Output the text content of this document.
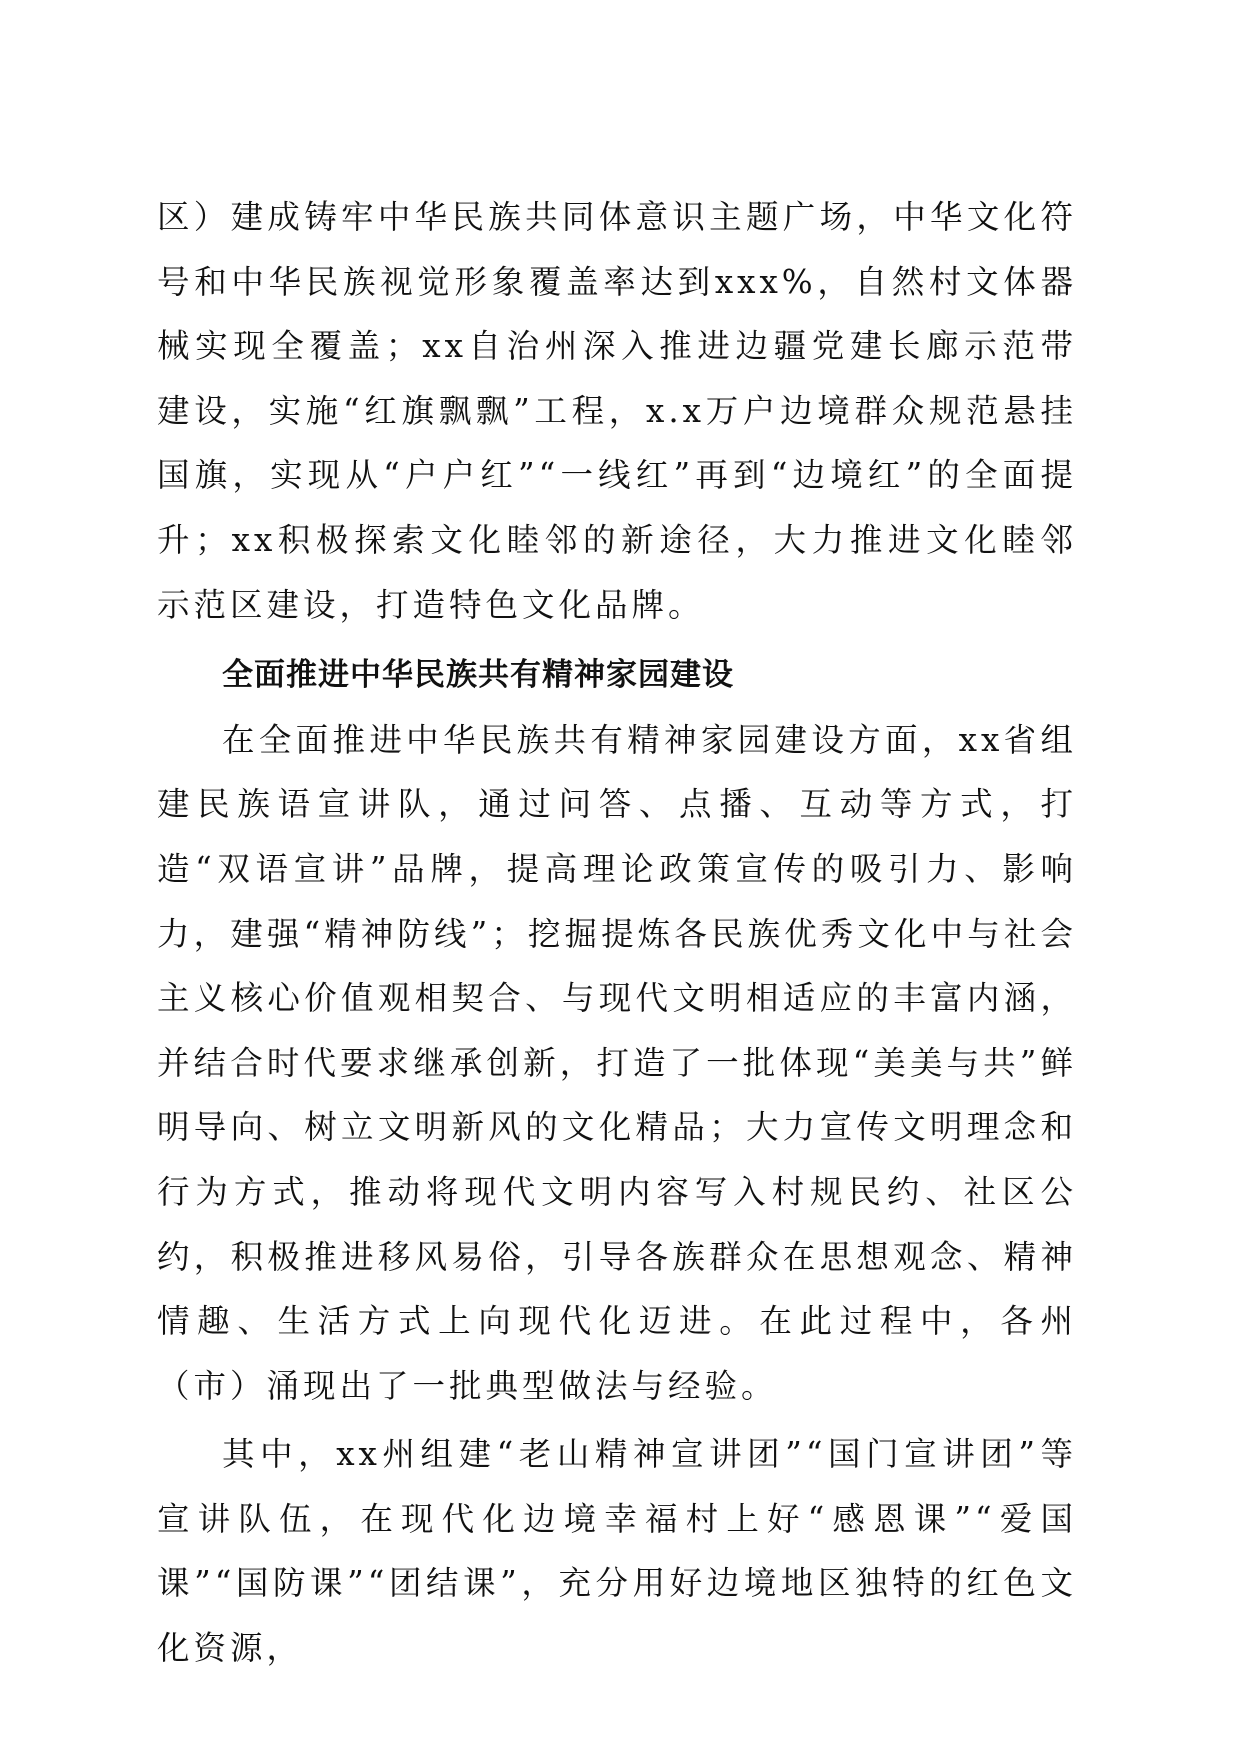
区）建成铸牢中华民族共同体意识主题广场，中华文化符号和中华民族视觉形象覆盖率达到xxx%，自然村文体器械实现全覆盖；xx自治州深入推进边疆党建长廊示范带建设，实施“红旗飘飘”工程，x.x万户边境群众规范悬挂国旗，实现从“户户红”“一线红”再到“边境红”的全面提升；xx积极探索文化睦邻的新途径，大力推进文化睦邻示范区建设，打造特色文化品牌。

全面推进中华民族共有精神家园建设

在全面推进中华民族共有精神家园建设方面，xx省组建民族语宣讲队，通过问答、点播、互动等方式，打造“双语宣讲”品牌，提高理论政策宣传的吸引力、影响力，建强“精神防线”；挖掘提炼各民族优秀文化中与社会主义核心价值观相契合、与现代文明相适应的丰富内涵，并结合时代要求继承创新，打造了一批体现“美美与共”鲜明导向、树立文明新风的文化精品；大力宣传文明理念和行为方式，推动将现代文明内容写入村规民约、社区公约，积极推进移风易俗，引导各族群众在思想观念、精神情趣、生活方式上向现代化迈进。在此过程中，各州（市）涌现出了一批典型做法与经验。

其中，xx州组建“老山精神宣讲团”“国门宣讲团”等宣讲队伍，在现代化边境幸福村上好“感恩课”“爱国课”“国防课”“团结课”，充分用好边境地区独特的红色文化资源，
